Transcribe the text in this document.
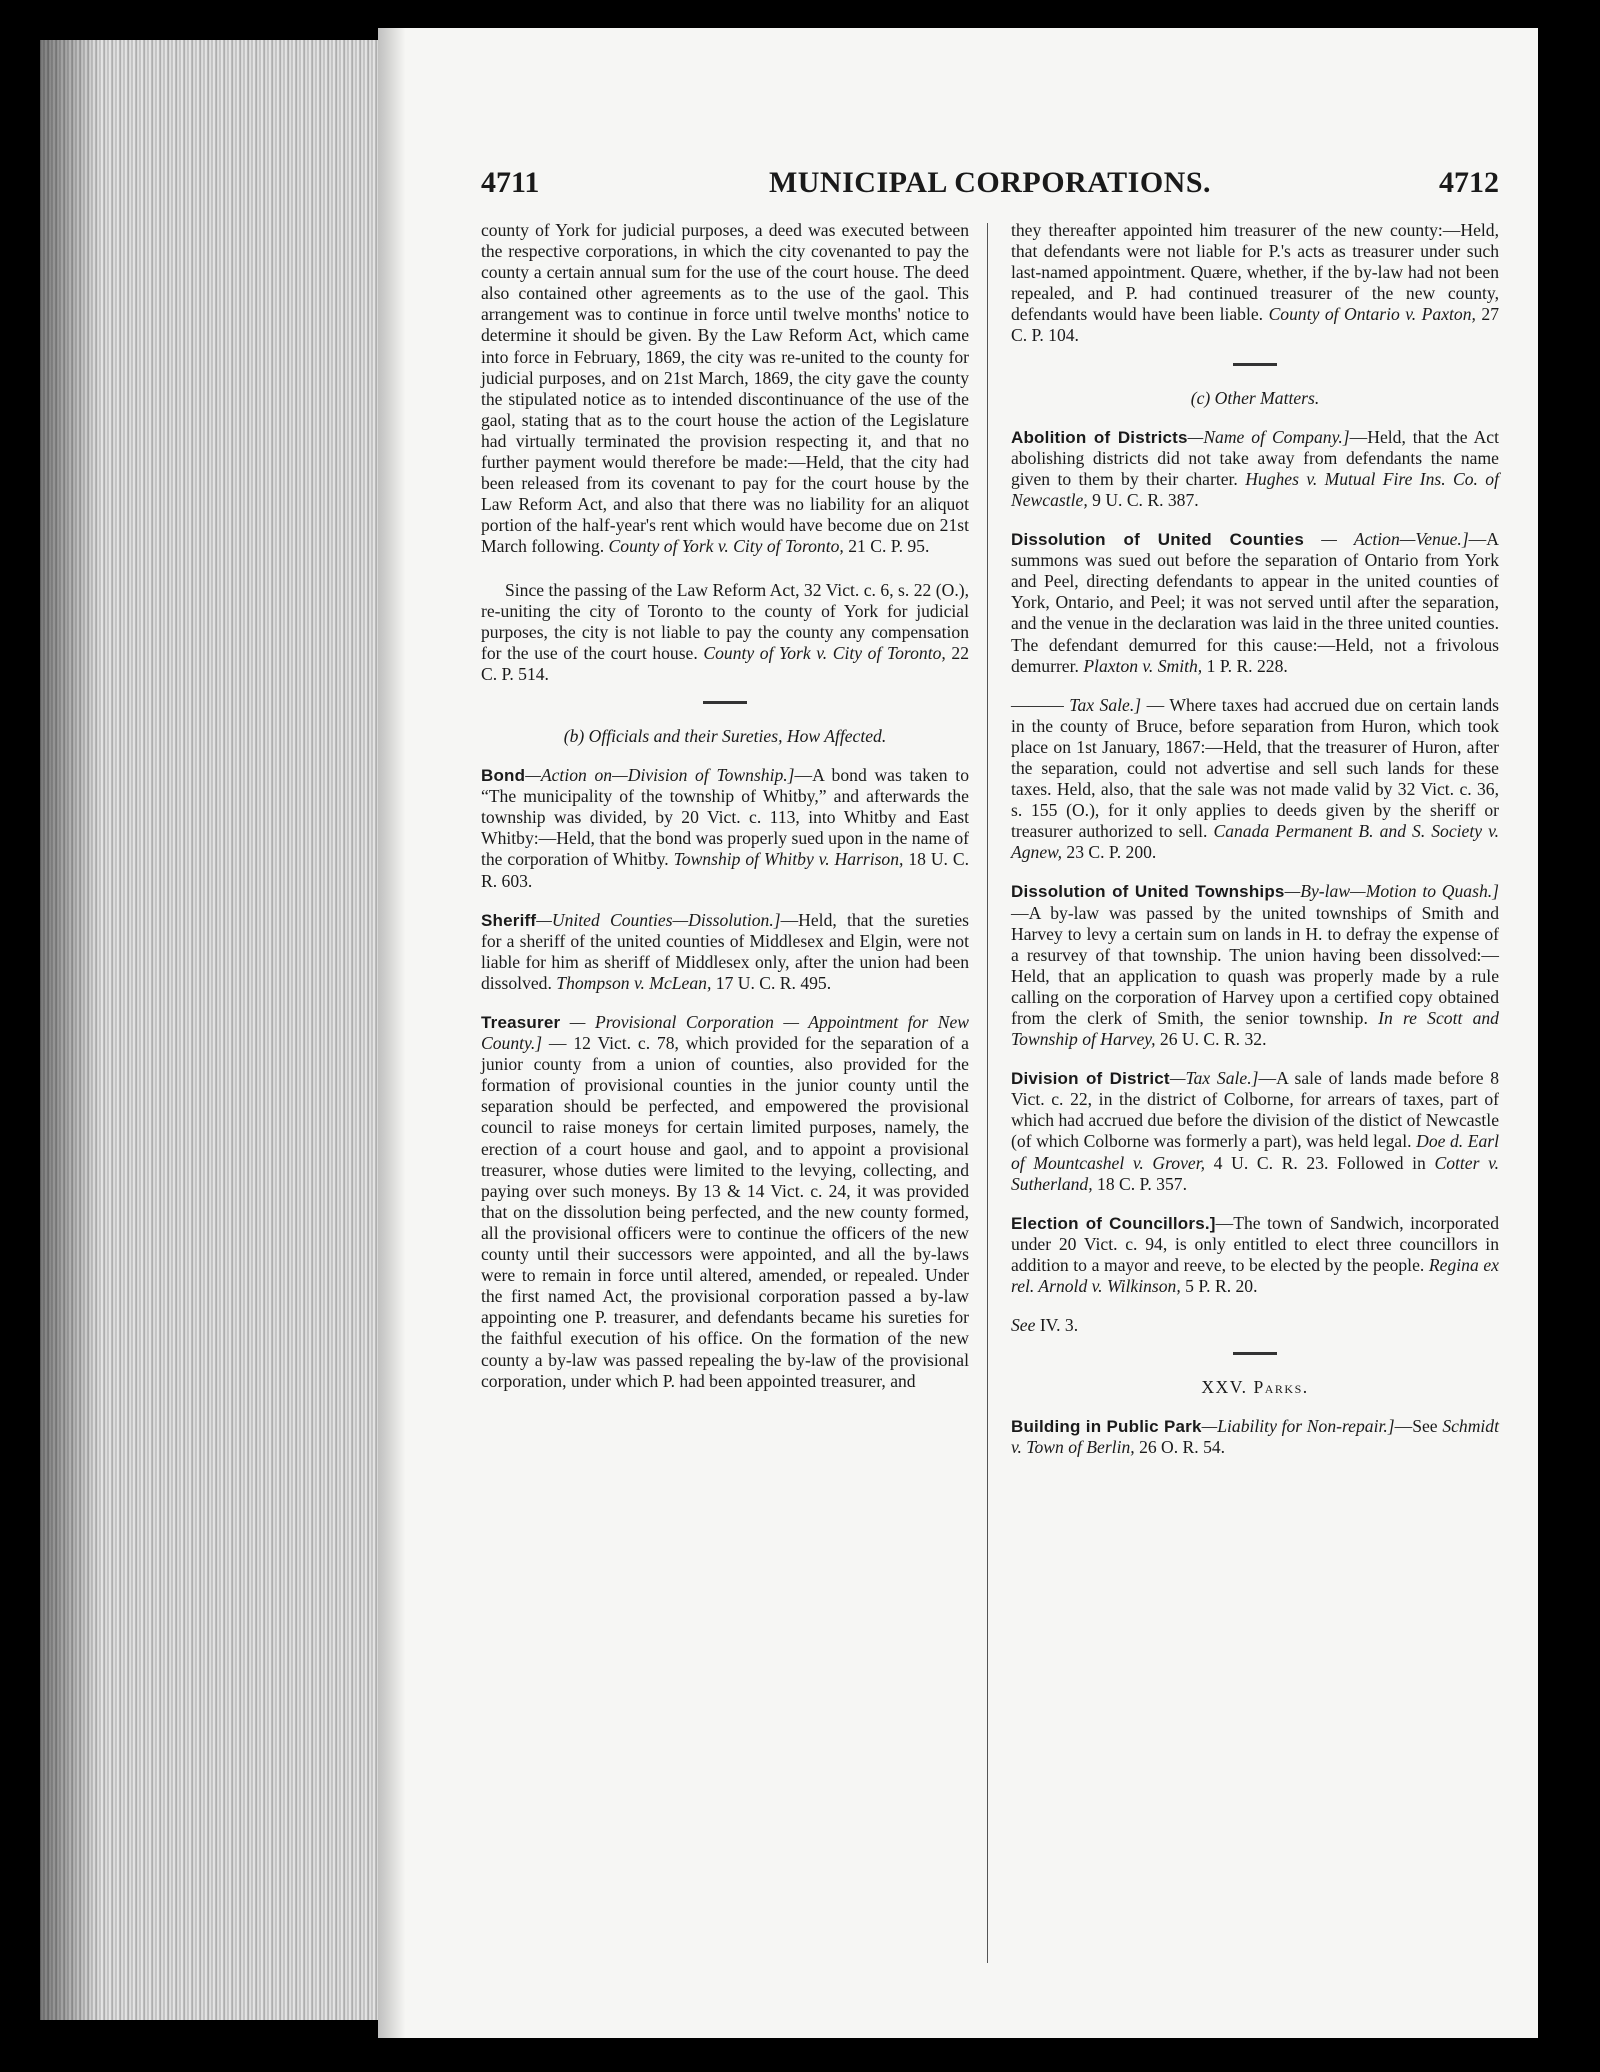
4711	MUNICIPAL CORPORATIONS.	4712

county of York for judicial purposes, a deed was executed between the respective corporations, in which the city covenanted to pay the county a certain annual sum for the use of the court house. The deed also contained other agreements as to the use of the gaol. This arrangement was to continue in force until twelve months' notice to determine it should be given. By the Law Reform Act, which came into force in February, 1869, the city was re-united to the county for judicial purposes, and on 21st March, 1869, the city gave the county the stipulated notice as to intended discontinuance of the use of the gaol, stating that as to the court house the action of the Legislature had virtually terminated the provision respecting it, and that no further payment would therefore be made:—Held, that the city had been released from its covenant to pay for the court house by the Law Reform Act, and also that there was no liability for an aliquot portion of the half-year's rent which would have become due on 21st March following. County of York v. City of Toronto, 21 C. P. 95.

Since the passing of the Law Reform Act, 32 Vict. c. 6, s. 22 (O.), re-uniting the city of Toronto to the county of York for judicial purposes, the city is not liable to pay the county any compensation for the use of the court house. County of York v. City of Toronto, 22 C. P. 514.

(b) Officials and their Sureties, How Affected.

Bond—Action on—Division of Township.]—A bond was taken to “The municipality of the township of Whitby,” and afterwards the township was divided, by 20 Vict. c. 113, into Whitby and East Whitby:—Held, that the bond was properly sued upon in the name of the corporation of Whitby. Township of Whitby v. Harrison, 18 U. C. R. 603.

Sheriff—United Counties—Dissolution.]—Held, that the sureties for a sheriff of the united counties of Middlesex and Elgin, were not liable for him as sheriff of Middlesex only, after the union had been dissolved. Thompson v. McLean, 17 U. C. R. 495.

Treasurer — Provisional Corporation — Appointment for New County.] — 12 Vict. c. 78, which provided for the separation of a junior county from a union of counties, also provided for the formation of provisional counties in the junior county until the separation should be perfected, and empowered the provisional council to raise moneys for certain limited purposes, namely, the erection of a court house and gaol, and to appoint a provisional treasurer, whose duties were limited to the levying, collecting, and paying over such moneys. By 13 & 14 Vict. c. 24, it was provided that on the dissolution being perfected, and the new county formed, all the provisional officers were to continue the officers of the new county until their successors were appointed, and all the by-laws were to remain in force until altered, amended, or repealed. Under the first named Act, the provisional corporation passed a by-law appointing one P. treasurer, and defendants became his sureties for the faithful execution of his office. On the formation of the new county a by-law was passed repealing the by-law of the provisional corporation, under which P. had been appointed treasurer, and

they thereafter appointed him treasurer of the new county:—Held, that defendants were not liable for P.'s acts as treasurer under such last-named appointment. Quære, whether, if the by-law had not been repealed, and P. had continued treasurer of the new county, defendants would have been liable. County of Ontario v. Paxton, 27 C. P. 104.

(c) Other Matters.

Abolition of Districts—Name of Company.]—Held, that the Act abolishing districts did not take away from defendants the name given to them by their charter. Hughes v. Mutual Fire Ins. Co. of Newcastle, 9 U. C. R. 387.

Dissolution of United Counties — Action—Venue.]—A summons was sued out before the separation of Ontario from York and Peel, directing defendants to appear in the united counties of York, Ontario, and Peel; it was not served until after the separation, and the venue in the declaration was laid in the three united counties. The defendant demurred for this cause:—Held, not a frivolous demurrer. Plaxton v. Smith, 1 P. R. 228.

——— Tax Sale.] — Where taxes had accrued due on certain lands in the county of Bruce, before separation from Huron, which took place on 1st January, 1867:—Held, that the treasurer of Huron, after the separation, could not advertise and sell such lands for these taxes. Held, also, that the sale was not made valid by 32 Vict. c. 36, s. 155 (O.), for it only applies to deeds given by the sheriff or treasurer authorized to sell. Canada Permanent B. and S. Society v. Agnew, 23 C. P. 200.

Dissolution of United Townships—By-law—Motion to Quash.]—A by-law was passed by the united townships of Smith and Harvey to levy a certain sum on lands in H. to defray the expense of a resurvey of that township. The union having been dissolved:—Held, that an application to quash was properly made by a rule calling on the corporation of Harvey upon a certified copy obtained from the clerk of Smith, the senior township. In re Scott and Township of Harvey, 26 U. C. R. 32.

Division of District—Tax Sale.]—A sale of lands made before 8 Vict. c. 22, in the district of Colborne, for arrears of taxes, part of which had accrued due before the division of the distict of Newcastle (of which Colborne was formerly a part), was held legal. Doe d. Earl of Mountcashel v. Grover, 4 U. C. R. 23. Followed in Cotter v. Sutherland, 18 C. P. 357.

Election of Councillors.]—The town of Sandwich, incorporated under 20 Vict. c. 94, is only entitled to elect three councillors in addition to a mayor and reeve, to be elected by the people. Regina ex rel. Arnold v. Wilkinson, 5 P. R. 20.

See IV. 3.

XXV. Parks.

Building in Public Park—Liability for Non-repair.]—See Schmidt v. Town of Berlin, 26 O. R. 54.
